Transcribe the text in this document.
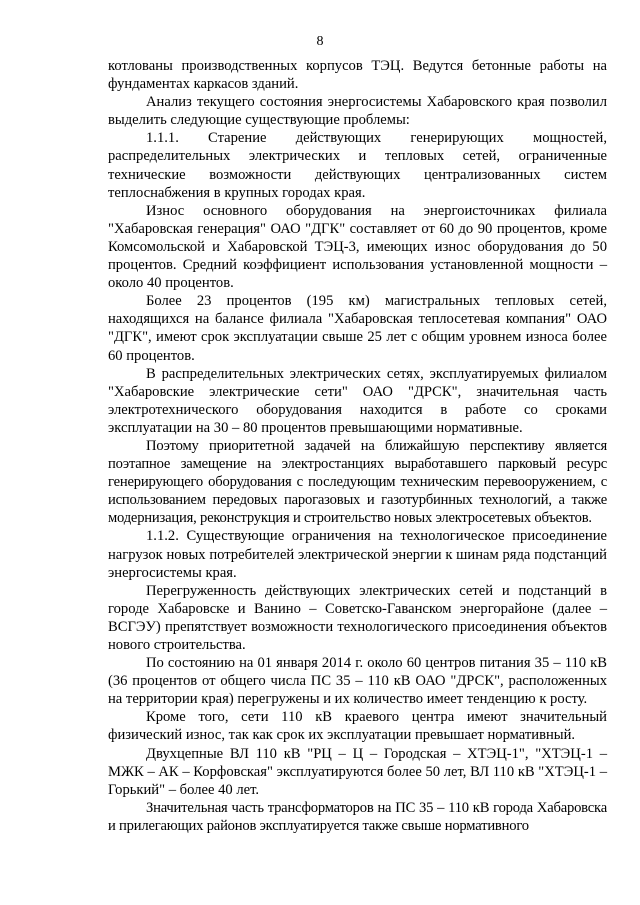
8

котлованы производственных корпусов ТЭЦ. Ведутся бетонные работы на фундаментах каркасов зданий.

Анализ текущего состояния энергосистемы Хабаровского края позволил выделить следующие существующие проблемы:

1.1.1. Старение действующих генерирующих мощностей, распределительных электрических и тепловых сетей, ограниченные технические возможности действующих централизованных систем теплоснабжения в крупных городах края.

Износ основного оборудования на энергоисточниках филиала "Хабаровская генерация" ОАО "ДГК" составляет от 60 до 90 процентов, кроме Комсомольской и Хабаровской ТЭЦ-3, имеющих износ оборудования до 50 процентов. Средний коэффициент использования установленной мощности – около 40 процентов.

Более 23 процентов (195 км) магистральных тепловых сетей, находящихся на балансе филиала "Хабаровская теплосетевая компания" ОАО "ДГК", имеют срок эксплуатации свыше 25 лет с общим уровнем износа более 60 процентов.

В распределительных электрических сетях, эксплуатируемых филиалом "Хабаровские электрические сети" ОАО "ДРСК", значительная часть электротехнического оборудования находится в работе со сроками эксплуатации на 30 – 80 процентов превышающими нормативные.

Поэтому приоритетной задачей на ближайшую перспективу является поэтапное замещение на электростанциях выработавшего парковый ресурс генерирующего оборудования с последующим техническим перевооружением, с использованием передовых парогазовых и газотурбинных технологий, а также модернизация, реконструкция и строительство новых электросетевых объектов.

1.1.2. Существующие ограничения на технологическое присоединение нагрузок новых потребителей электрической энергии к шинам ряда подстанций энергосистемы края.

Перегруженность действующих электрических сетей и подстанций в городе Хабаровске и Ванино – Советско-Гаванском энергорайоне (далее – ВСГЭУ) препятствует возможности технологического присоединения объектов нового строительства.

По состоянию на 01 января 2014 г. около 60 центров питания 35 – 110 кВ (36 процентов от общего числа ПС 35 – 110 кВ ОАО "ДРСК", расположенных на территории края) перегружены и их количество имеет тенденцию к росту.

Кроме того, сети 110 кВ краевого центра имеют значительный физический износ, так как срок их эксплуатации превышает нормативный.

Двухцепные ВЛ 110 кВ "РЦ – Ц – Городская – ХТЭЦ-1", "ХТЭЦ-1 – МЖК – АК – Корфовская" эксплуатируются более 50 лет, ВЛ 110 кВ "ХТЭЦ-1 – Горький" – более 40 лет.

Значительная часть трансформаторов на ПС 35 – 110 кВ города Хабаровска и прилегающих районов эксплуатируется также свыше нормативного
